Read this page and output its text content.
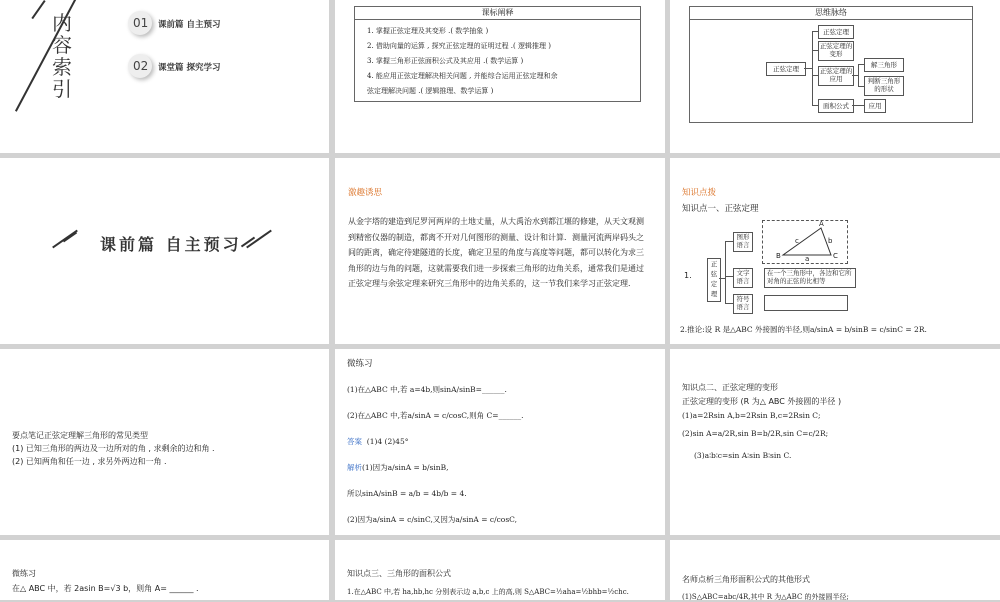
内
容
索
引
01 课前篇 自主预习
02 课堂篇 探究学习
课标阐释
1. 掌握正弦定理及其变形 .( 数学抽象 )
2. 借助向量的运算 , 探究正弦定理的证明过程 .( 逻辑推理 )
3. 掌握三角形正弦面积公式及其应用 .( 数学运算 )
4. 能应用正弦定理解决相关问题 , 并能综合运用正弦定理和余
弦定理解决问题 .( 逻辑推理、数学运算 )
思维脉络
正弦定理
正弦定理
正弦定理的变形
正弦定理的应用
面积公式
解三角形
判断三角形的形状
应用
课前篇 自主预习
激趣诱思
从金字塔的建造到尼罗河两岸的土地丈量，从大禹治水到都江堰的修建，从天文观测到精密仪器的制造，都离不开对几何图形的测量、设计和计算．测量河流两岸码头之间的距离，确定待建隧道的长度，确定卫星的角度与高度等问题，都可以转化为求三角形的边与角的问题，这就需要我们进一步探索三角形的边角关系，通常我们是通过正弦定理与余弦定理来研究三角形中的边角关系的，这一节我们来学习正弦定理．
知识点拨
知识点一、正弦定理
1.
正弦定理
图形语言
文字语言
符号语言
A
B	C
a
b
c
在一个三角形中，各边和它所对角的正弦的比相等
2.推论:设 R 是△ABC 外接圆的半径,则a/sinA = b/sinB = c/sinC = 2R.
要点笔记正弦定理解三角形的常见类型
(1) 已知三角形的两边及一边所对的角 , 求剩余的边和角 .
(2) 已知两角和任一边 , 求另外两边和一角 .
微练习
(1)在△ABC 中,若 a=4b,则sinA/sinB=______.
(2)在△ABC 中,若a/sinA = c/cosC,则角 C=______.
答案 (1)4 (2)45°
解析(1)因为a/sinA = b/sinB,
所以sinA/sinB = a/b = 4b/b = 4.
(2)因为a/sinA = c/sinC,又因为a/sinA = c/cosC,
知识点二、正弦定理的变形
正弦定理的变形 (R 为△ ABC 外接圆的半径 )
(1)a=2Rsin A,b=2Rsin B,c=2Rsin C;
(2)sin A=a/2R,sin B=b/2R,sin C=c/2R;
(3)a∶b∶c=sin A∶sin B∶sin C.
微练习
在△ ABC 中，若 2asin B=√3 b，则角 A= ______ .
知识点三、三角形的面积公式
1.在△ABC 中,若 ha,hb,hc 分别表示边 a,b,c 上的高,则 S△ABC=½aha=½bhb=½chc.
名师点析三角形面积公式的其他形式
(1)S△ABC=abc/4R,其中 R 为△ABC 的外接圆半径;
